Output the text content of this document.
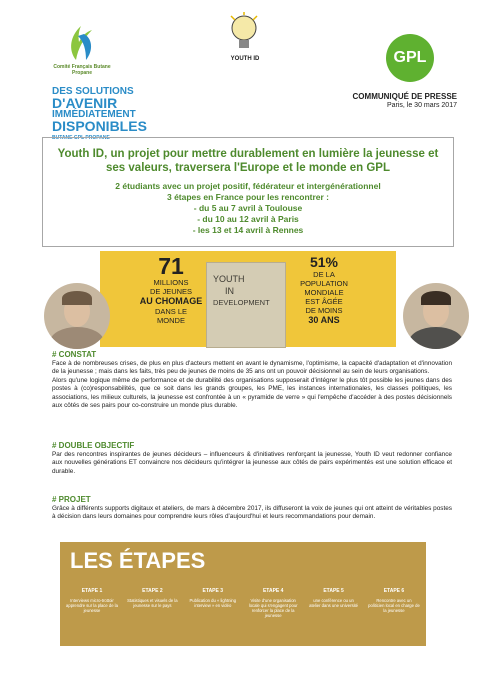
Comité Français Butane Propane
YOUTH ID	GPL
DES SOLUTIONS
D'AVENIR
IMMÉDIATEMENT
DISPONIBLES
BUTANE GPL PROPANE
COMMUNIQUÉ DE PRESSE
Paris, le 30 mars 2017
Youth ID, un projet pour mettre durablement en lumière la jeunesse et ses valeurs, traversera l'Europe et le monde en GPL
2 étudiants avec un projet positif, fédérateur et intergénérationnel
3 étapes en France pour les rencontrer :
- du 5 au 7 avril à Toulouse
- du 10 au 12 avril à Paris
- les 13 et 14 avril à Rennes
71
MILLIONS
DE JEUNES
AU CHOMAGE
DANS LE
MONDE
YOUTH
IN
DEVELOPMENT
51%
DE LA
POPULATION
MONDIALE
EST ÂGÉE
DE MOINS
30 ANS
# CONSTAT

Face à de nombreuses crises, de plus en plus d'acteurs mettent en avant le dynamisme, l'optimisme, la capacité d'adaptation et d'innovation de la jeunesse ; mais dans les faits, très peu de jeunes de moins de 35 ans ont un pouvoir décisionnel au sein de leurs organisations.

Alors qu'une logique même de performance et de durabilité des organisations supposerait d'intégrer le plus tôt possible les jeunes dans des postes à (co)responsabilités, que ce soit dans les grands groupes, les PME, les instances internationales, les classes politiques, les associations, les milieux culturels, la jeunesse est confrontée à un « pyramide de verre » qui l'empêche d'accéder à des postes décisionnels aux côtés de ses pairs pour co-construire un monde plus durable.

# DOUBLE OBJECTIF

Par des rencontres inspirantes de jeunes décideurs – influenceurs & d'initiatives renforçant la jeunesse, Youth ID veut redonner confiance aux nouvelles générations ET convaincre nos décideurs qu'intégrer la jeunesse aux côtés de pairs expérimentés est une solution efficace et durable.

# PROJET

Grâce à différents supports digitaux et ateliers, de mars à décembre 2017, ils diffuseront la voix de jeunes qui ont atteint de véritables postes à décision dans leurs domaines pour comprendre leurs rôles d'aujourd'hui et leurs recommandations pour demain.

LES ÉTAPES
ETAPE 1
Interviews micro-trottoir apprendre sur la place de la jeunesse
ETAPE 2
Statistiques et visuels de la jeunesse sur le pays
ETAPE 3
Publication du « lightning interview » en vidéo
ETAPE 4
Visite d'une organisation locale qui s'engagent pour renforcer la place de la jeunesse
ETAPE 5
une conférence ou un atelier dans une université
ETAPE 6
Rencontre avec un politicien local en charge de la jeunesse
